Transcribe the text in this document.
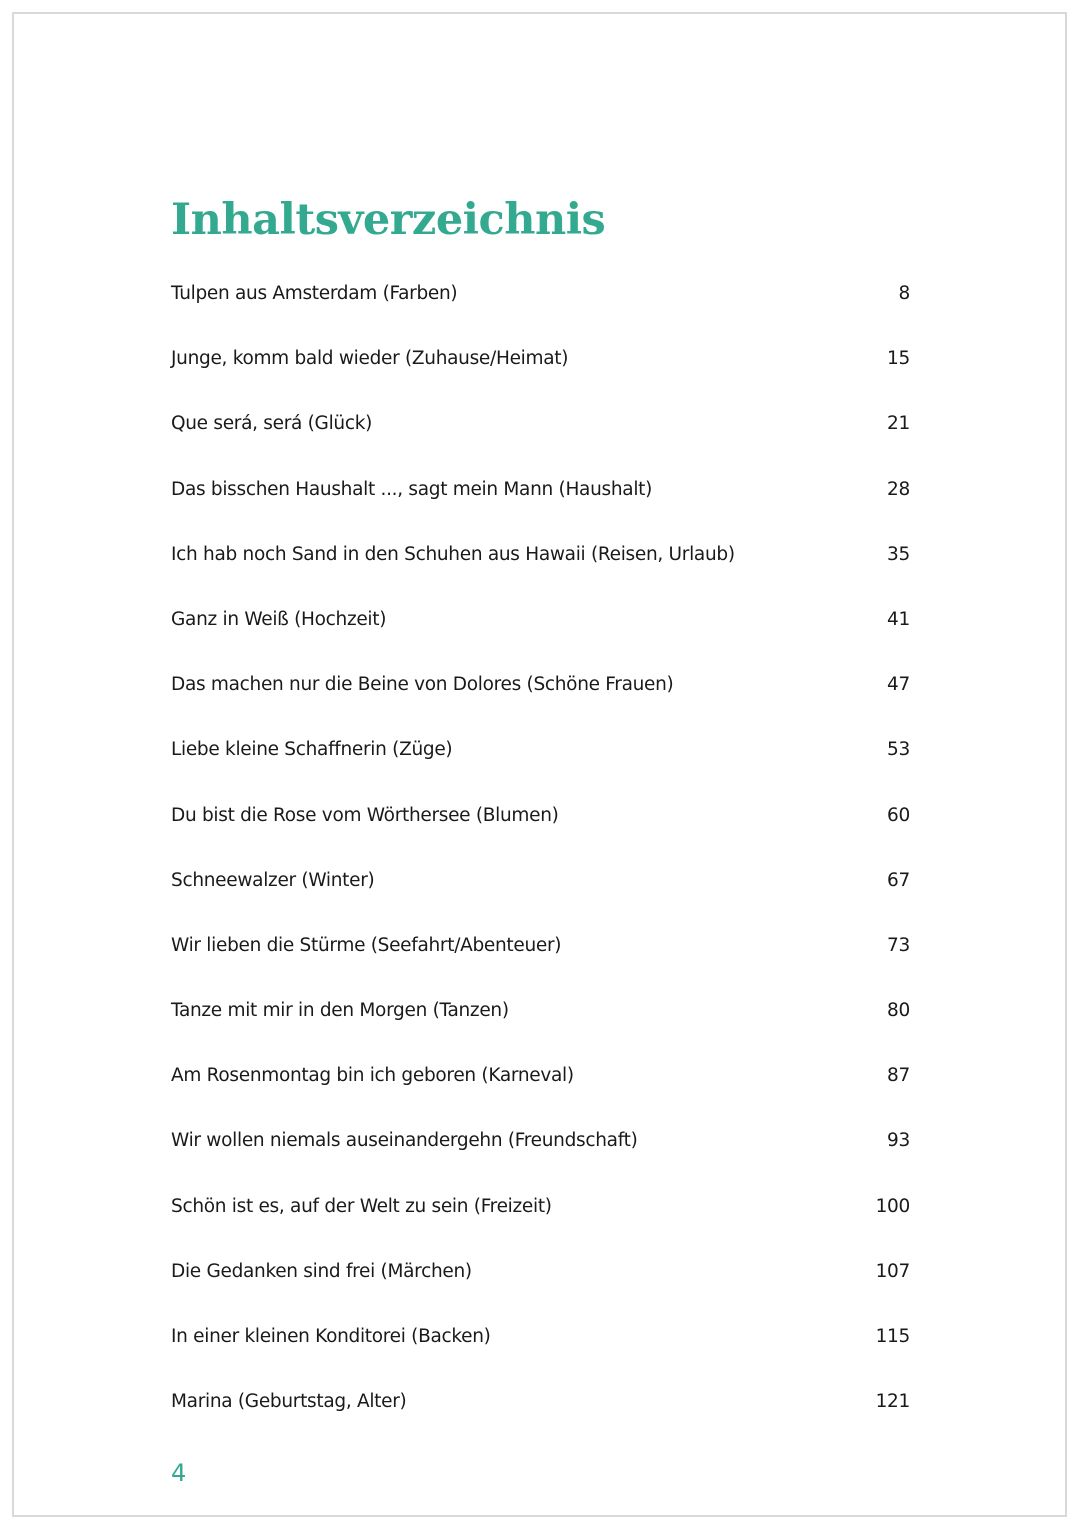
Inhaltsverzeichnis
Tulpen aus Amsterdam (Farben)	8
Junge, komm bald wieder (Zuhause/Heimat)	15
Que será, será (Glück)	21
Das bisschen Haushalt ..., sagt mein Mann (Haushalt)	28
Ich hab noch Sand in den Schuhen aus Hawaii (Reisen, Urlaub)	35
Ganz in Weiß (Hochzeit)	41
Das machen nur die Beine von Dolores (Schöne Frauen)	47
Liebe kleine Schaffnerin (Züge)	53
Du bist die Rose vom Wörthersee (Blumen)	60
Schneewalzer (Winter)	67
Wir lieben die Stürme (Seefahrt/Abenteuer)	73
Tanze mit mir in den Morgen (Tanzen)	80
Am Rosenmontag bin ich geboren (Karneval)	87
Wir wollen niemals auseinandergehn (Freundschaft)	93
Schön ist es, auf der Welt zu sein (Freizeit)	100
Die Gedanken sind frei (Märchen)	107
In einer kleinen Konditorei (Backen)	115
Marina (Geburtstag, Alter)	121
4
